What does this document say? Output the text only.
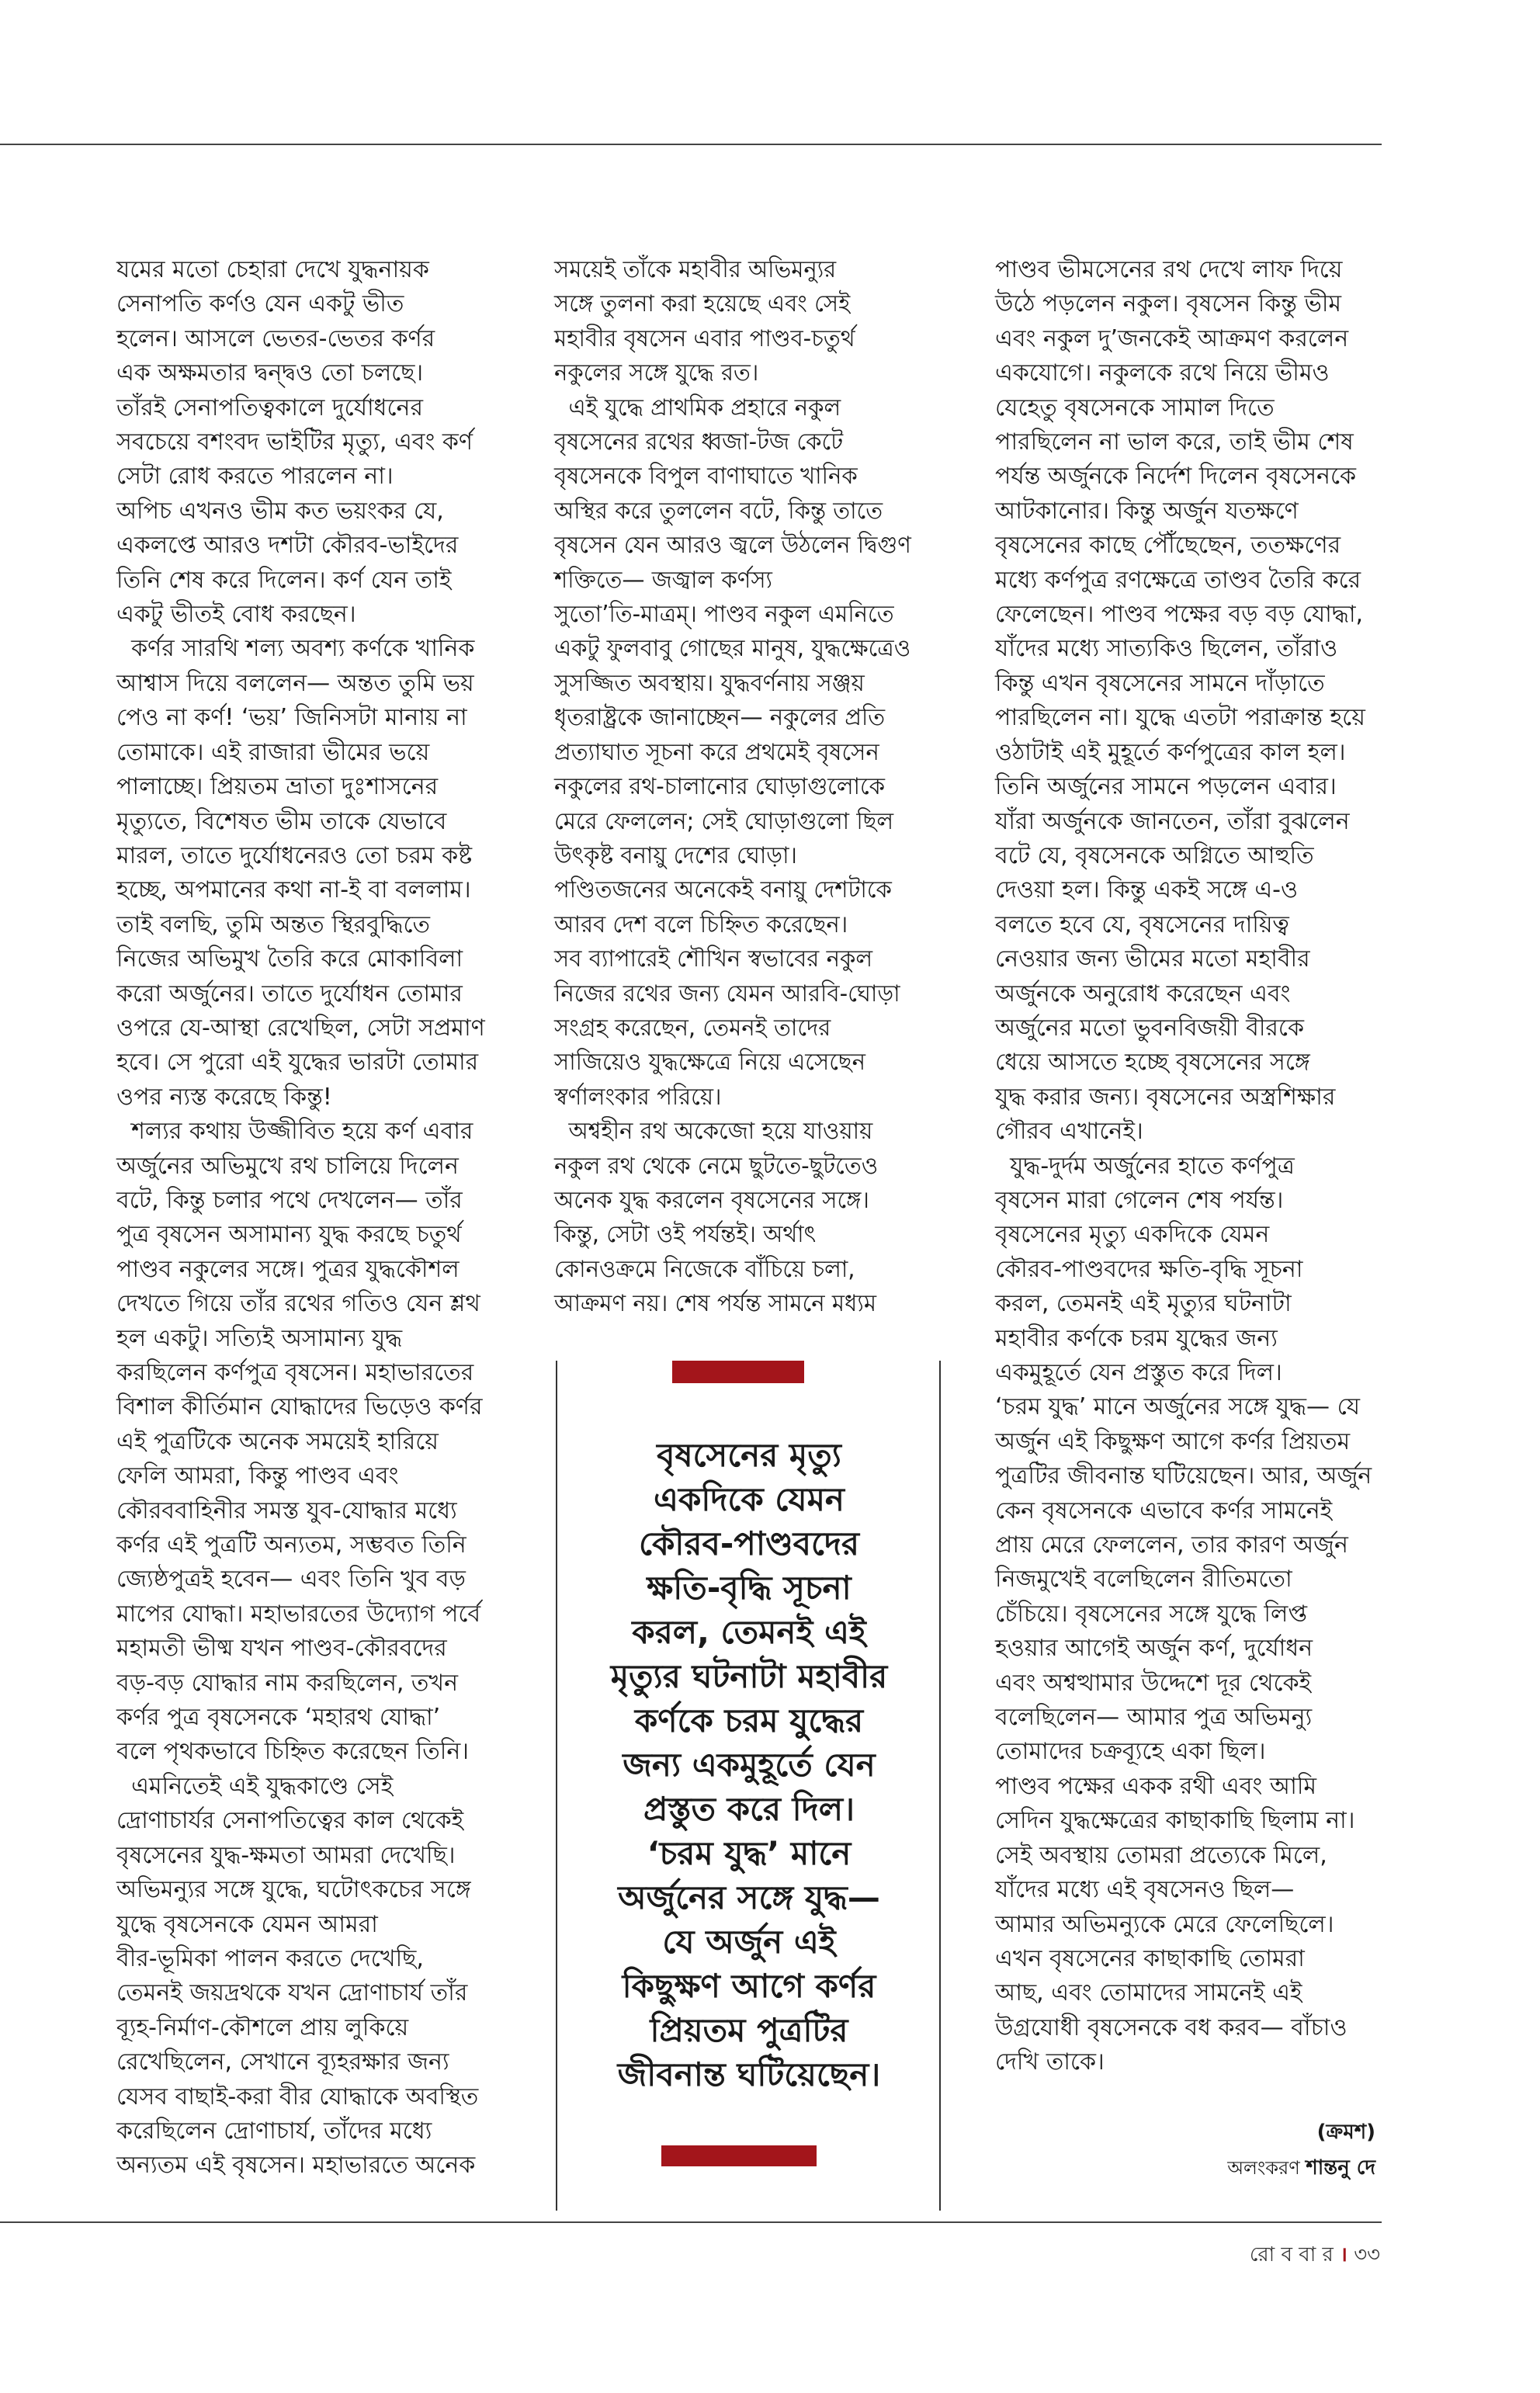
যমের মতো চেহারা দেখে যুদ্ধনায়ক
সেনাপতি কর্ণও যেন একটু ভীত
হলেন। আসলে ভেতর-ভেতর কর্ণর
এক অক্ষমতার দ্বন্দ্বও তো চলছে।
তাঁরই সেনাপতিত্বকালে দুর্যোধনের
সবচেয়ে বশংবদ ভাইটির মৃত্যু, এবং কর্ণ
সেটা রোধ করতে পারলেন না।
অপিচ এখনও ভীম কত ভয়ংকর যে,
একলপ্তে আরও দশটা কৌরব-ভাইদের
তিনি শেষ করে দিলেন। কর্ণ যেন তাই
একটু ভীতই বোধ করছেন।
কর্ণর সারথি শল্য অবশ্য কর্ণকে খানিক
আশ্বাস দিয়ে বললেন— অন্তত তুমি ভয়
পেও না কর্ণ! ‘ভয়’ জিনিসটা মানায় না
তোমাকে। এই রাজারা ভীমের ভয়ে
পালাচ্ছে। প্রিয়তম ভ্রাতা দুঃশাসনের
মৃত্যুতে, বিশেষত ভীম তাকে যেভাবে
মারল, তাতে দুর্যোধনেরও তো চরম কষ্ট
হচ্ছে, অপমানের কথা না-ই বা বললাম।
তাই বলছি, তুমি অন্তত স্থিরবুদ্ধিতে
নিজের অভিমুখ তৈরি করে মোকাবিলা
করো অর্জুনের। তাতে দুর্যোধন তোমার
ওপরে যে-আস্থা রেখেছিল, সেটা সপ্রমাণ
হবে। সে পুরো এই যুদ্ধের ভারটা তোমার
ওপর ন্যস্ত করেছে কিন্তু!
শল্যর কথায় উজ্জীবিত হয়ে কর্ণ এবার
অর্জুনের অভিমুখে রথ চালিয়ে দিলেন
বটে, কিন্তু চলার পথে দেখলেন— তাঁর
পুত্র বৃষসেন অসামান্য যুদ্ধ করছে চতুর্থ
পাণ্ডব নকুলের সঙ্গে। পুত্রর যুদ্ধকৌশল
দেখতে গিয়ে তাঁর রথের গতিও যেন শ্লথ
হল একটু। সত্যিই অসামান্য যুদ্ধ
করছিলেন কর্ণপুত্র বৃষসেন। মহাভারতের
বিশাল কীর্তিমান যোদ্ধাদের ভিড়েও কর্ণর
এই পুত্রটিকে অনেক সময়েই হারিয়ে
ফেলি আমরা, কিন্তু পাণ্ডব এবং
কৌরববাহিনীর সমস্ত যুব-যোদ্ধার মধ্যে
কর্ণর এই পুত্রটি অন্যতম, সম্ভবত তিনি
জ্যেষ্ঠপুত্রই হবেন— এবং তিনি খুব বড়
মাপের যোদ্ধা। মহাভারতের উদ্যোগ পর্বে
মহামতী ভীষ্ম যখন পাণ্ডব-কৌরবদের
বড়-বড় যোদ্ধার নাম করছিলেন, তখন
কর্ণর পুত্র বৃষসেনকে ‘মহারথ যোদ্ধা’
বলে পৃথকভাবে চিহ্নিত করেছেন তিনি।
এমনিতেই এই যুদ্ধকাণ্ডে সেই
দ্রোণাচার্যর সেনাপতিত্বের কাল থেকেই
বৃষসেনের যুদ্ধ-ক্ষমতা আমরা দেখেছি।
অভিমন্যুর সঙ্গে যুদ্ধে, ঘটোৎকচের সঙ্গে
যুদ্ধে বৃষসেনকে যেমন আমরা
বীর-ভূমিকা পালন করতে দেখেছি,
তেমনই জয়দ্রথকে যখন দ্রোণাচার্য তাঁর
ব্যূহ-নির্মাণ-কৌশলে প্রায় লুকিয়ে
রেখেছিলেন, সেখানে ব্যূহরক্ষার জন্য
যেসব বাছাই-করা বীর যোদ্ধাকে অবস্থিত
করেছিলেন দ্রোণাচার্য, তাঁদের মধ্যে
অন্যতম এই বৃষসেন। মহাভারতে অনেক
সময়েই তাঁকে মহাবীর অভিমন্যুর
সঙ্গে তুলনা করা হয়েছে এবং সেই
মহাবীর বৃষসেন এবার পাণ্ডব-চতুর্থ
নকুলের সঙ্গে যুদ্ধে রত।
এই যুদ্ধে প্রাথমিক প্রহারে নকুল
বৃষসেনের রথের ধ্বজা-টজ কেটে
বৃষসেনকে বিপুল বাণাঘাতে খানিক
অস্থির করে তুললেন বটে, কিন্তু তাতে
বৃষসেন যেন আরও জ্বলে উঠলেন দ্বিগুণ
শক্তিতে— জজ্বাল কর্ণস্য
সুতো’তি-মাত্রম্। পাণ্ডব নকুল এমনিতে
একটু ফুলবাবু গোছের মানুষ, যুদ্ধক্ষেত্রেও
সুসজ্জিত অবস্থায়। যুদ্ধবর্ণনায় সঞ্জয়
ধৃতরাষ্ট্রকে জানাচ্ছেন— নকুলের প্রতি
প্রত্যাঘাত সূচনা করে প্রথমেই বৃষসেন
নকুলের রথ-চালানোর ঘোড়াগুলোকে
মেরে ফেললেন; সেই ঘোড়াগুলো ছিল
উৎকৃষ্ট বনায়ু দেশের ঘোড়া।
পণ্ডিতজনের অনেকেই বনায়ু দেশটাকে
আরব দেশ বলে চিহ্নিত করেছেন।
সব ব্যাপারেই শৌখিন স্বভাবের নকুল
নিজের রথের জন্য যেমন আরবি-ঘোড়া
সংগ্রহ করেছেন, তেমনই তাদের
সাজিয়েও যুদ্ধক্ষেত্রে নিয়ে এসেছেন
স্বর্ণালংকার পরিয়ে।
অশ্বহীন রথ অকেজো হয়ে যাওয়ায়
নকুল রথ থেকে নেমে ছুটতে-ছুটতেও
অনেক যুদ্ধ করলেন বৃষসেনের সঙ্গে।
কিন্তু, সেটা ওই পর্যন্তই। অর্থাৎ
কোনওক্রমে নিজেকে বাঁচিয়ে চলা,
আক্রমণ নয়। শেষ পর্যন্ত সামনে মধ্যম
পাণ্ডব ভীমসেনের রথ দেখে লাফ দিয়ে
উঠে পড়লেন নকুল। বৃষসেন কিন্তু ভীম
এবং নকুল দু’জনকেই আক্রমণ করলেন
একযোগে। নকুলকে রথে নিয়ে ভীমও
যেহেতু বৃষসেনকে সামাল দিতে
পারছিলেন না ভাল করে, তাই ভীম শেষ
পর্যন্ত অর্জুনকে নির্দেশ দিলেন বৃষসেনকে
আটকানোর। কিন্তু অর্জুন যতক্ষণে
বৃষসেনের কাছে পৌঁছেছেন, ততক্ষণের
মধ্যে কর্ণপুত্র রণক্ষেত্রে তাণ্ডব তৈরি করে
ফেলেছেন। পাণ্ডব পক্ষের বড় বড় যোদ্ধা,
যাঁদের মধ্যে সাত্যকিও ছিলেন, তাঁরাও
কিন্তু এখন বৃষসেনের সামনে দাঁড়াতে
পারছিলেন না। যুদ্ধে এতটা পরাক্রান্ত হয়ে
ওঠাটাই এই মুহূর্তে কর্ণপুত্রের কাল হল।
তিনি অর্জুনের সামনে পড়লেন এবার।
যাঁরা অর্জুনকে জানতেন, তাঁরা বুঝলেন
বটে যে, বৃষসেনকে অগ্নিতে আহুতি
দেওয়া হল। কিন্তু একই সঙ্গে এ-ও
বলতে হবে যে, বৃষসেনের দায়িত্ব
নেওয়ার জন্য ভীমের মতো মহাবীর
অর্জুনকে অনুরোধ করেছেন এবং
অর্জুনের মতো ভুবনবিজয়ী বীরকে
ধেয়ে আসতে হচ্ছে বৃষসেনের সঙ্গে
যুদ্ধ করার জন্য। বৃষসেনের অস্ত্রশিক্ষার
গৌরব এখানেই।
যুদ্ধ-দুর্দম অর্জুনের হাতে কর্ণপুত্র
বৃষসেন মারা গেলেন শেষ পর্যন্ত।
বৃষসেনের মৃত্যু একদিকে যেমন
কৌরব-পাণ্ডবদের ক্ষতি-বৃদ্ধি সূচনা
করল, তেমনই এই মৃত্যুর ঘটনাটা
মহাবীর কর্ণকে চরম যুদ্ধের জন্য
একমুহূর্তে যেন প্রস্তুত করে দিল।
‘চরম যুদ্ধ’ মানে অর্জুনের সঙ্গে যুদ্ধ— যে
অর্জুন এই কিছুক্ষণ আগে কর্ণর প্রিয়তম
পুত্রটির জীবনান্ত ঘটিয়েছেন। আর, অর্জুন
কেন বৃষসেনকে এভাবে কর্ণর সামনেই
প্রায় মেরে ফেললেন, তার কারণ অর্জুন
নিজমুখেই বলেছিলেন রীতিমতো
চেঁচিয়ে। বৃষসেনের সঙ্গে যুদ্ধে লিপ্ত
হওয়ার আগেই অর্জুন কর্ণ, দুর্যোধন
এবং অশ্বত্থামার উদ্দেশে দূর থেকেই
বলেছিলেন— আমার পুত্র অভিমন্যু
তোমাদের চক্রব্যূহে একা ছিল।
পাণ্ডব পক্ষের একক রথী এবং আমি
সেদিন যুদ্ধক্ষেত্রের কাছাকাছি ছিলাম না।
সেই অবস্থায় তোমরা প্রত্যেকে মিলে,
যাঁদের মধ্যে এই বৃষসেনও ছিল—
আমার অভিমন্যুকে মেরে ফেলেছিলে।
এখন বৃষসেনের কাছাকাছি তোমরা
আছ, এবং তোমাদের সামনেই এই
উগ্রযোধী বৃষসেনকে বধ করব— বাঁচাও
দেখি তাকে।
বৃষসেনের মৃত্যু
একদিকে যেমন
কৌরব-পাণ্ডবদের
ক্ষতি-বৃদ্ধি সূচনা
করল, তেমনই এই
মৃত্যুর ঘটনাটা মহাবীর
কর্ণকে চরম যুদ্ধের
জন্য একমুহূর্তে যেন
প্রস্তুত করে দিল।
‘চরম যুদ্ধ’ মানে
অর্জুনের সঙ্গে যুদ্ধ—
যে অর্জুন এই
কিছুক্ষণ আগে কর্ণর
প্রিয়তম পুত্রটির
জীবনান্ত ঘটিয়েছেন।
(ক্রমশ)
অলংকরণ শান্তনু দে
রো ব বা র । ৩৩
